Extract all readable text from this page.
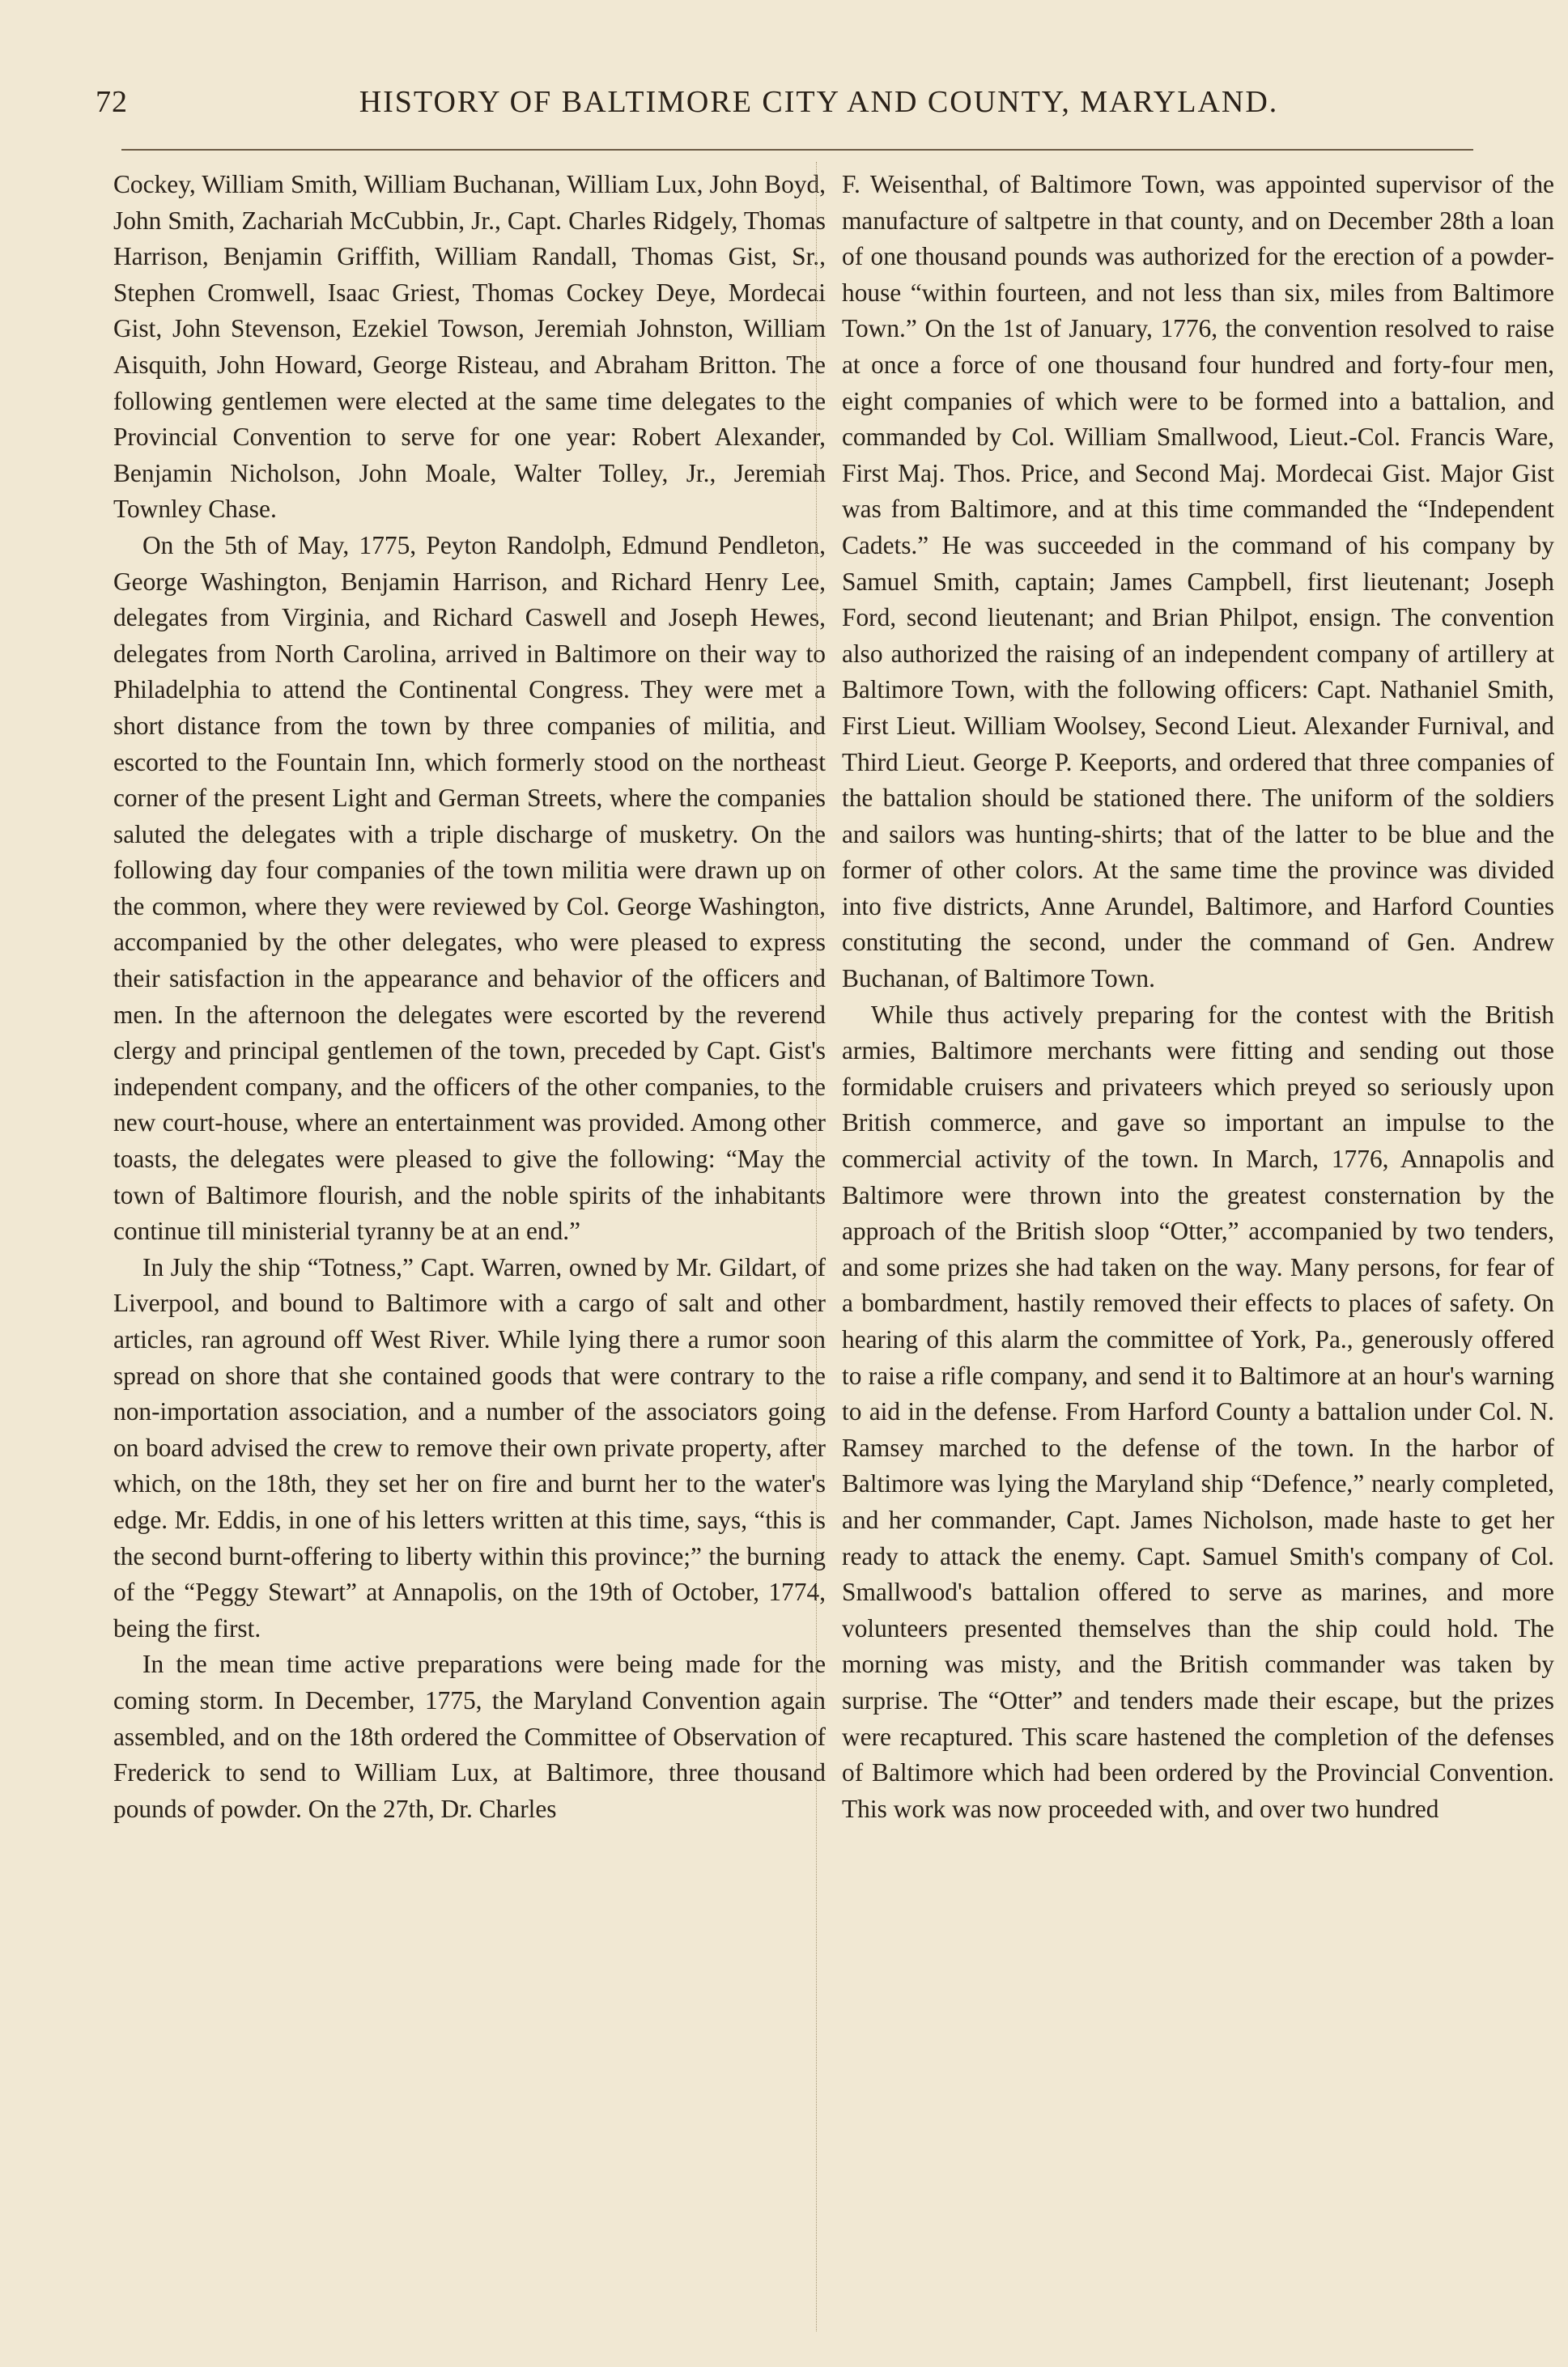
72	HISTORY OF BALTIMORE CITY AND COUNTY, MARYLAND.

Cockey, William Smith, William Buchanan, William Lux, John Boyd, John Smith, Zachariah McCubbin, Jr., Capt. Charles Ridgely, Thomas Harrison, Benjamin Griffith, William Randall, Thomas Gist, Sr., Stephen Cromwell, Isaac Griest, Thomas Cockey Deye, Mordecai Gist, John Stevenson, Ezekiel Towson, Jeremiah Johnston, William Aisquith, John Howard, George Risteau, and Abraham Britton. The following gentlemen were elected at the same time delegates to the Provincial Convention to serve for one year: Robert Alexander, Benjamin Nicholson, John Moale, Walter Tolley, Jr., Jeremiah Townley Chase.

On the 5th of May, 1775, Peyton Randolph, Edmund Pendleton, George Washington, Benjamin Harrison, and Richard Henry Lee, delegates from Virginia, and Richard Caswell and Joseph Hewes, delegates from North Carolina, arrived in Baltimore on their way to Philadelphia to attend the Continental Congress. They were met a short distance from the town by three companies of militia, and escorted to the Fountain Inn, which formerly stood on the northeast corner of the present Light and German Streets, where the companies saluted the delegates with a triple discharge of musketry. On the following day four companies of the town militia were drawn up on the common, where they were reviewed by Col. George Washington, accompanied by the other delegates, who were pleased to express their satisfaction in the appearance and behavior of the officers and men. In the afternoon the delegates were escorted by the reverend clergy and principal gentlemen of the town, preceded by Capt. Gist's independent company, and the officers of the other companies, to the new court-house, where an entertainment was provided. Among other toasts, the delegates were pleased to give the following: “May the town of Baltimore flourish, and the noble spirits of the inhabitants continue till ministerial tyranny be at an end.”

In July the ship “Totness,” Capt. Warren, owned by Mr. Gildart, of Liverpool, and bound to Baltimore with a cargo of salt and other articles, ran aground off West River. While lying there a rumor soon spread on shore that she contained goods that were contrary to the non-importation association, and a number of the associators going on board advised the crew to remove their own private property, after which, on the 18th, they set her on fire and burnt her to the water's edge. Mr. Eddis, in one of his letters written at this time, says, “this is the second burnt-offering to liberty within this province;” the burning of the “Peggy Stewart” at Annapolis, on the 19th of October, 1774, being the first.

In the mean time active preparations were being made for the coming storm. In December, 1775, the Maryland Convention again assembled, and on the 18th ordered the Committee of Observation of Frederick to send to William Lux, at Baltimore, three thousand pounds of powder. On the 27th, Dr. Charles

F. Weisenthal, of Baltimore Town, was appointed supervisor of the manufacture of saltpetre in that county, and on December 28th a loan of one thousand pounds was authorized for the erection of a powder-house “within fourteen, and not less than six, miles from Baltimore Town.” On the 1st of January, 1776, the convention resolved to raise at once a force of one thousand four hundred and forty-four men, eight companies of which were to be formed into a battalion, and commanded by Col. William Smallwood, Lieut.-Col. Francis Ware, First Maj. Thos. Price, and Second Maj. Mordecai Gist. Major Gist was from Baltimore, and at this time commanded the “Independent Cadets.” He was succeeded in the command of his company by Samuel Smith, captain; James Campbell, first lieutenant; Joseph Ford, second lieutenant; and Brian Philpot, ensign. The convention also authorized the raising of an independent company of artillery at Baltimore Town, with the following officers: Capt. Nathaniel Smith, First Lieut. William Woolsey, Second Lieut. Alexander Furnival, and Third Lieut. George P. Keeports, and ordered that three companies of the battalion should be stationed there. The uniform of the soldiers and sailors was hunting-shirts; that of the latter to be blue and the former of other colors. At the same time the province was divided into five districts, Anne Arundel, Baltimore, and Harford Counties constituting the second, under the command of Gen. Andrew Buchanan, of Baltimore Town.

While thus actively preparing for the contest with the British armies, Baltimore merchants were fitting and sending out those formidable cruisers and privateers which preyed so seriously upon British commerce, and gave so important an impulse to the commercial activity of the town. In March, 1776, Annapolis and Baltimore were thrown into the greatest consternation by the approach of the British sloop “Otter,” accompanied by two tenders, and some prizes she had taken on the way. Many persons, for fear of a bombardment, hastily removed their effects to places of safety. On hearing of this alarm the committee of York, Pa., generously offered to raise a rifle company, and send it to Baltimore at an hour's warning to aid in the defense. From Harford County a battalion under Col. N. Ramsey marched to the defense of the town. In the harbor of Baltimore was lying the Maryland ship “Defence,” nearly completed, and her commander, Capt. James Nicholson, made haste to get her ready to attack the enemy. Capt. Samuel Smith's company of Col. Smallwood's battalion offered to serve as marines, and more volunteers presented themselves than the ship could hold. The morning was misty, and the British commander was taken by surprise. The “Otter” and tenders made their escape, but the prizes were recaptured. This scare hastened the completion of the defenses of Baltimore which had been ordered by the Provincial Convention. This work was now proceeded with, and over two hundred
